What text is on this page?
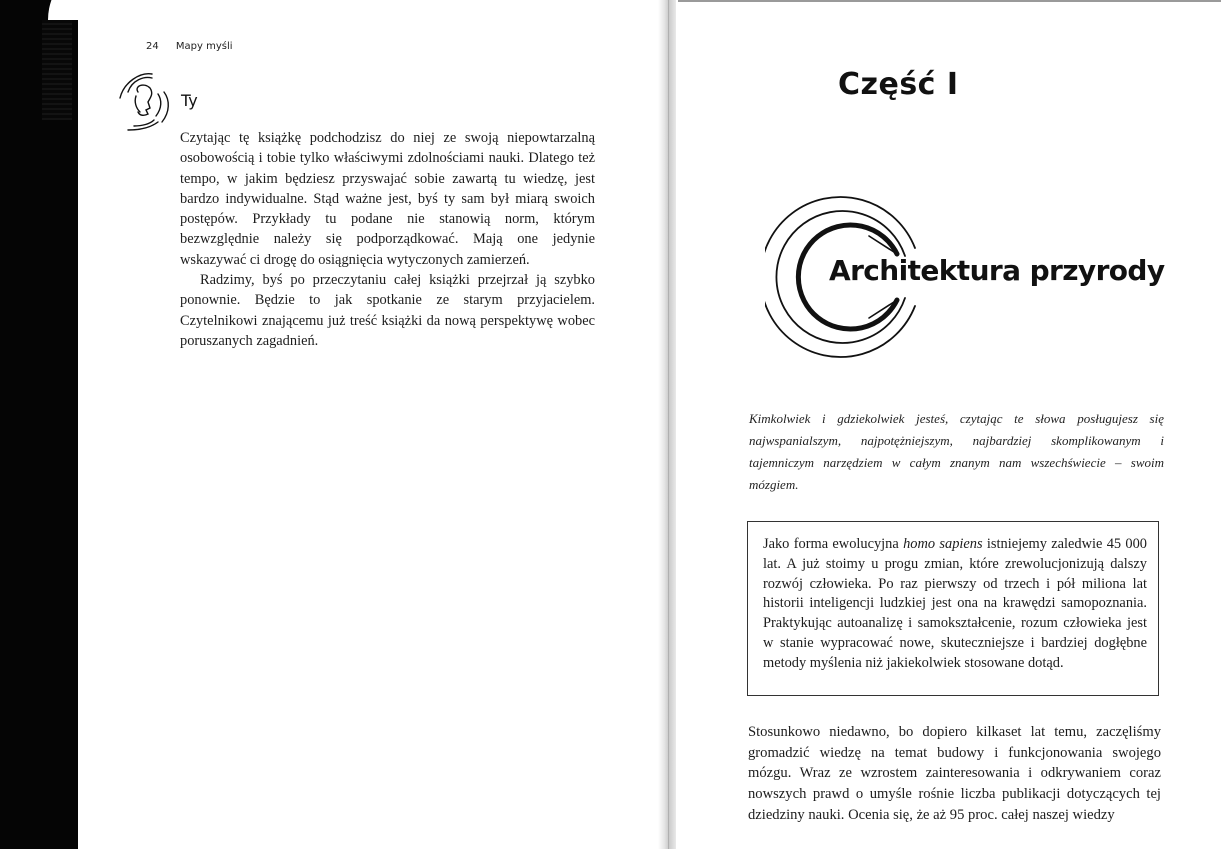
24 Mapy myśli
Ty

Czytając tę książkę podchodzisz do niej ze swoją niepowtarzalną osobowością i tobie tylko właściwymi zdolnościami nauki. Dlatego też tempo, w jakim będziesz przyswajać sobie zawartą tu wiedzę, jest bardzo indywidualne. Stąd ważne jest, byś ty sam był miarą swoich postępów. Przykłady tu podane nie stanowią norm, którym bezwzględnie należy się podporządkować. Mają one jedynie wskazywać ci drogę do osiągnięcia wytyczonych zamierzeń.

Radzimy, byś po przeczytaniu całej książki przejrzał ją szybko ponownie. Będzie to jak spotkanie ze starym przyjacielem. Czytelnikowi znającemu już treść książki da nową perspektywę wobec poruszanych zagadnień.

Część I
Architektura przyrody
Kimkolwiek i gdziekolwiek jesteś, czytając te słowa posługujesz się najwspanialszym, najpotężniejszym, najbardziej skomplikowanym i tajemniczym narzędziem w całym znanym nam wszechświecie – swoim mózgiem.
Jako forma ewolucyjna homo sapiens istniejemy zaledwie 45 000 lat. A już stoimy u progu zmian, które zrewolucjonizują dalszy rozwój człowieka. Po raz pierwszy od trzech i pół miliona lat historii inteligencji ludzkiej jest ona na krawędzi samopoznania. Praktykując autoanalizę i samokształcenie, rozum człowieka jest w stanie wypracować nowe, skuteczniejsze i bardziej dogłębne metody myślenia niż jakiekolwiek stosowane dotąd.
Stosunkowo niedawno, bo dopiero kilkaset lat temu, zaczęliśmy gromadzić wiedzę na temat budowy i funkcjonowania swojego mózgu. Wraz ze wzrostem zainteresowania i odkrywaniem coraz nowszych prawd o umyśle rośnie liczba publikacji dotyczących tej dziedziny nauki. Ocenia się, że aż 95 proc. całej naszej wiedzy
